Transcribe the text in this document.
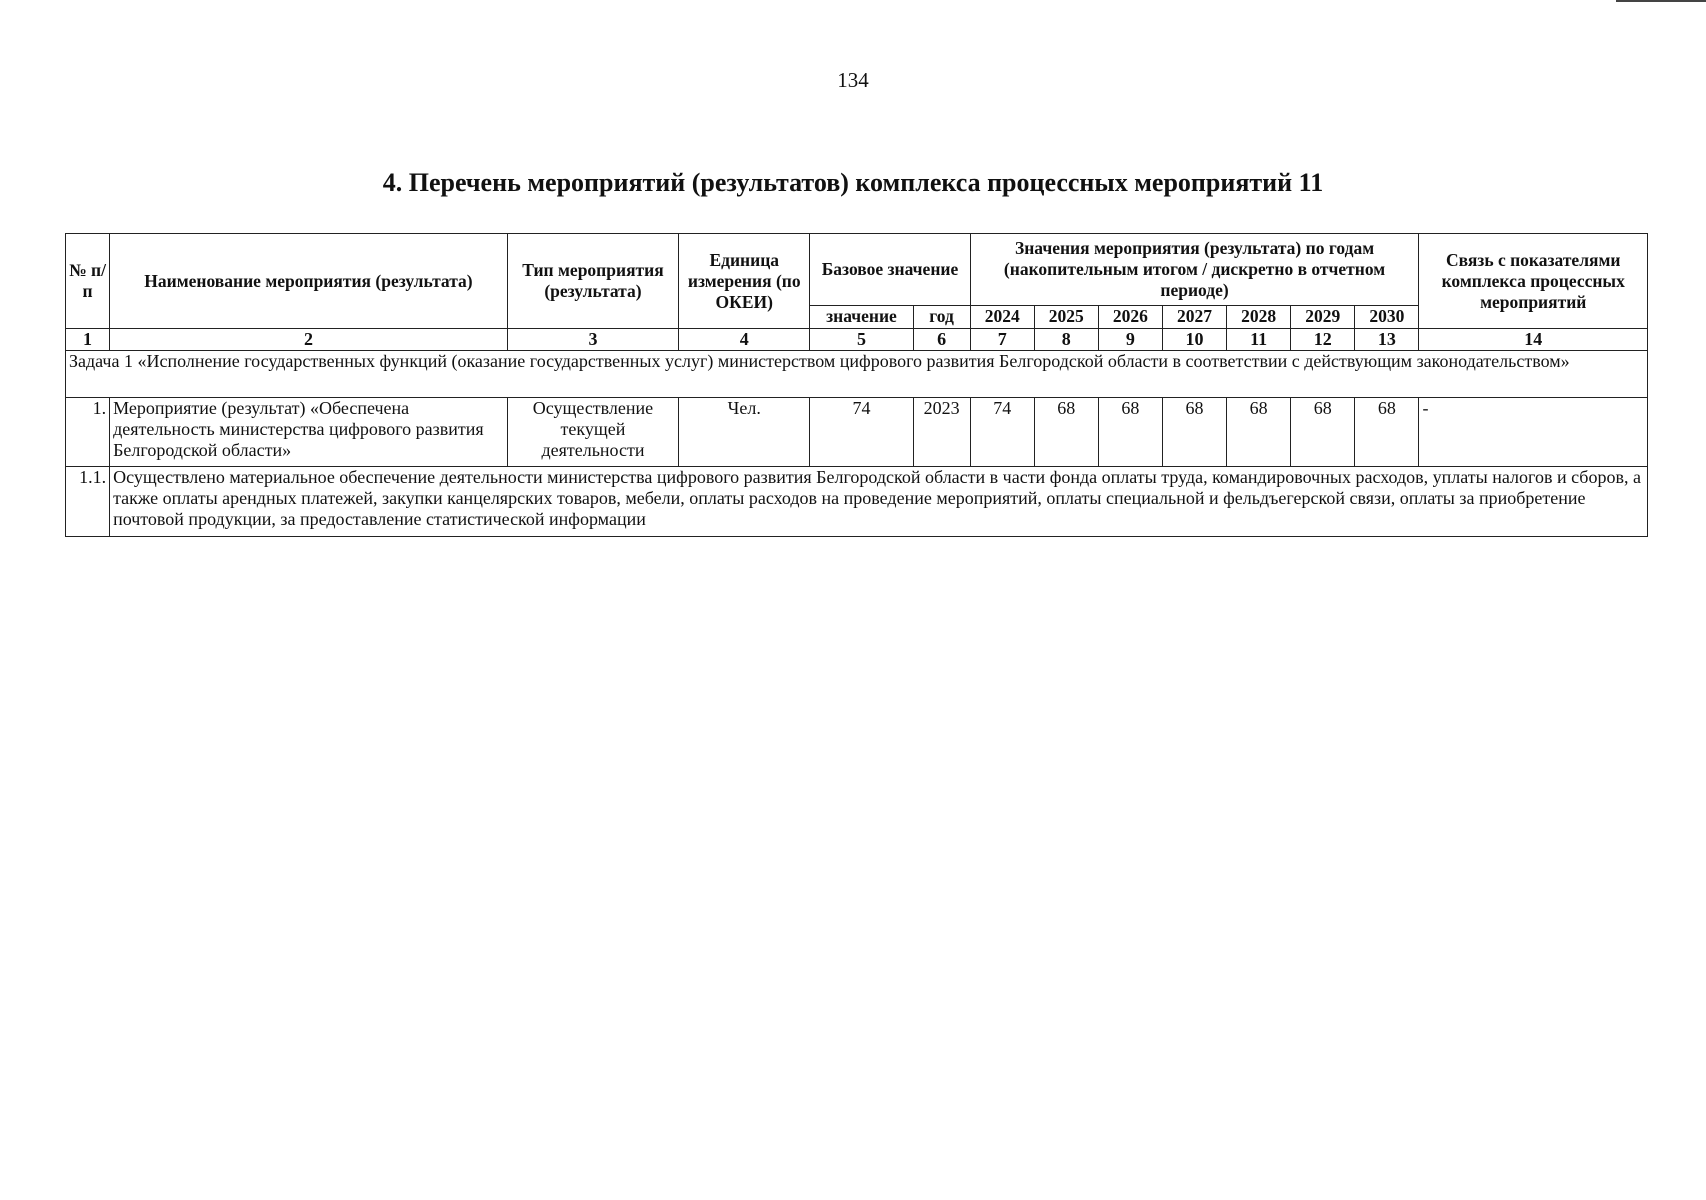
134
4. Перечень мероприятий (результатов) комплекса процессных мероприятий 11
№ п/п	Наименование мероприятия (результата)	Тип мероприятия (результата)	Единица измерения (по ОКЕИ)	Базовое значение		Значения мероприятия (результата) по годам (накопительным итогом / дискретно в отчетном периоде)							Связь с показателями комплекса процессных мероприятий
				значение	год	2024	2025	2026	2027	2028	2029	2030	
1	2	3	4	5	6	7	8	9	10	11	12	13	14
Задача 1 «Исполнение государственных функций (оказание государственных услуг) министерством цифрового развития Белгородской области в соответствии с действующим законодательством»													
1.	Мероприятие (результат) «Обеспечена деятельность министерства цифрового развития Белгородской области»	Осуществление текущей деятельности	Чел.	74	2023	74	68	68	68	68	68	68	-
1.1.	Осуществлено материальное обеспечение деятельности министерства цифрового развития Белгородской области в части фонда оплаты труда, командировочных расходов, уплаты налогов и сборов, а также оплаты арендных платежей, закупки канцелярских товаров, мебели, оплаты расходов на проведение мероприятий, оплаты специальной и фельдъегерской связи, оплаты за приобретение почтовой продукции, за предоставление статистической информации												
